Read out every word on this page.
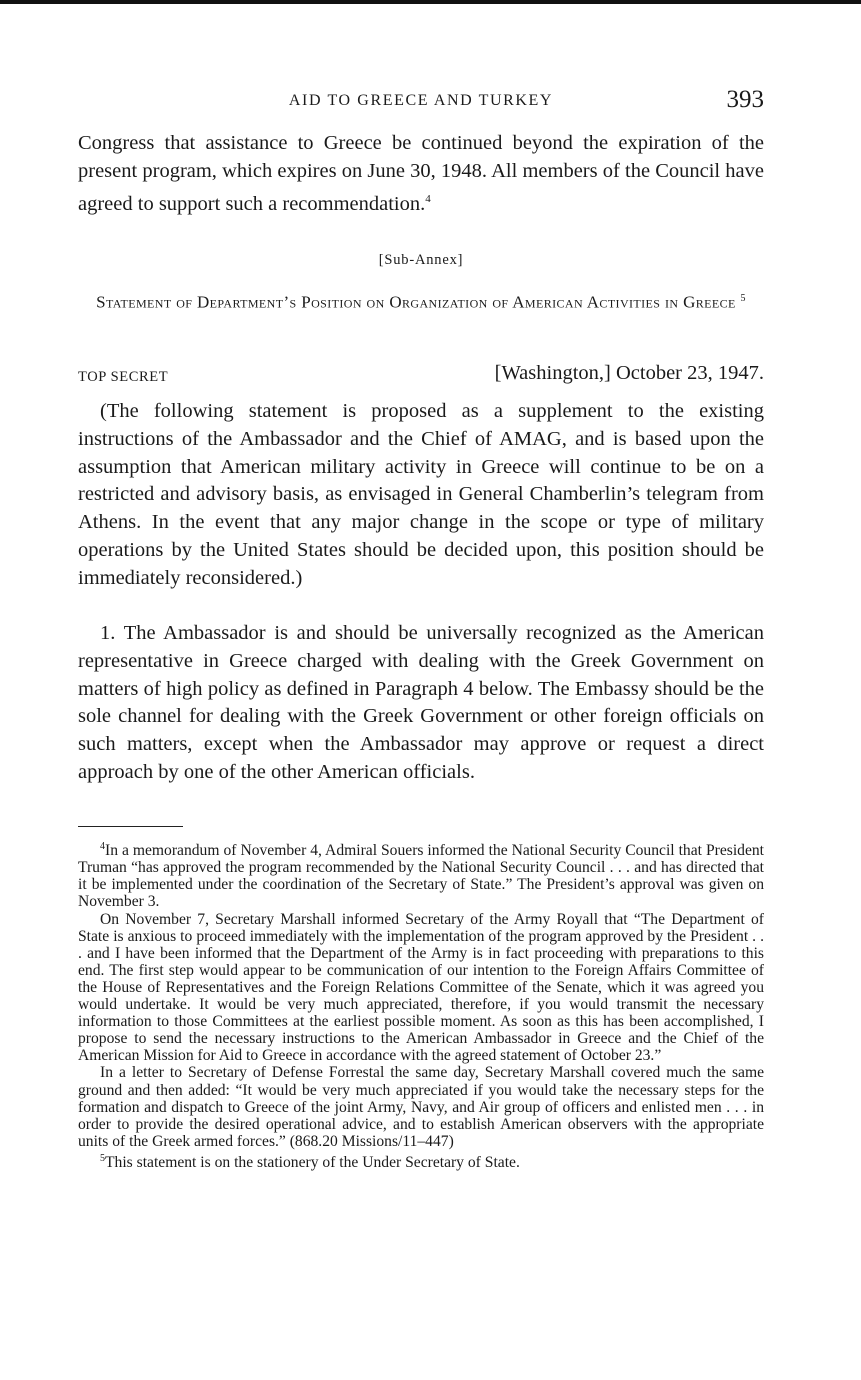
AID TO GREECE AND TURKEY	393

Congress that assistance to Greece be continued beyond the expiration of the present program, which expires on June 30, 1948. All members of the Council have agreed to support such a recommendation.$^4$

[Sub-Annex]

Statement of Department’s Position on Organization of American Activities in Greece $^5$

TOP SECRET	[Washington,] October 23, 1947.

(The following statement is proposed as a supplement to the existing instructions of the Ambassador and the Chief of AMAG, and is based upon the assumption that American military activity in Greece will continue to be on a restricted and advisory basis, as envisaged in General Chamberlin’s telegram from Athens. In the event that any major change in the scope or type of military operations by the United States should be decided upon, this position should be immediately reconsidered.)

1. The Ambassador is and should be universally recognized as the American representative in Greece charged with dealing with the Greek Government on matters of high policy as defined in Paragraph 4 below. The Embassy should be the sole channel for dealing with the Greek Government or other foreign officials on such matters, except when the Ambassador may approve or request a direct approach by one of the other American officials.

$^4$In a memorandum of November 4, Admiral Souers informed the National Security Council that President Truman “has approved the program recommended by the National Security Council . . . and has directed that it be implemented under the coordination of the Secretary of State.” The President’s approval was given on November 3.

On November 7, Secretary Marshall informed Secretary of the Army Royall that “The Department of State is anxious to proceed immediately with the implementation of the program approved by the President . . . and I have been informed that the Department of the Army is in fact proceeding with preparations to this end. The first step would appear to be communication of our intention to the Foreign Affairs Committee of the House of Representatives and the Foreign Relations Committee of the Senate, which it was agreed you would undertake. It would be very much appreciated, therefore, if you would transmit the necessary information to those Committees at the earliest possible moment. As soon as this has been accomplished, I propose to send the necessary instructions to the American Ambassador in Greece and the Chief of the American Mission for Aid to Greece in accordance with the agreed statement of October 23.”

In a letter to Secretary of Defense Forrestal the same day, Secretary Marshall covered much the same ground and then added: “It would be very much appreciated if you would take the necessary steps for the formation and dispatch to Greece of the joint Army, Navy, and Air group of officers and enlisted men . . . in order to provide the desired operational advice, and to establish American observers with the appropriate units of the Greek armed forces.” (868.20 Missions/11–447)

$^5$This statement is on the stationery of the Under Secretary of State.
